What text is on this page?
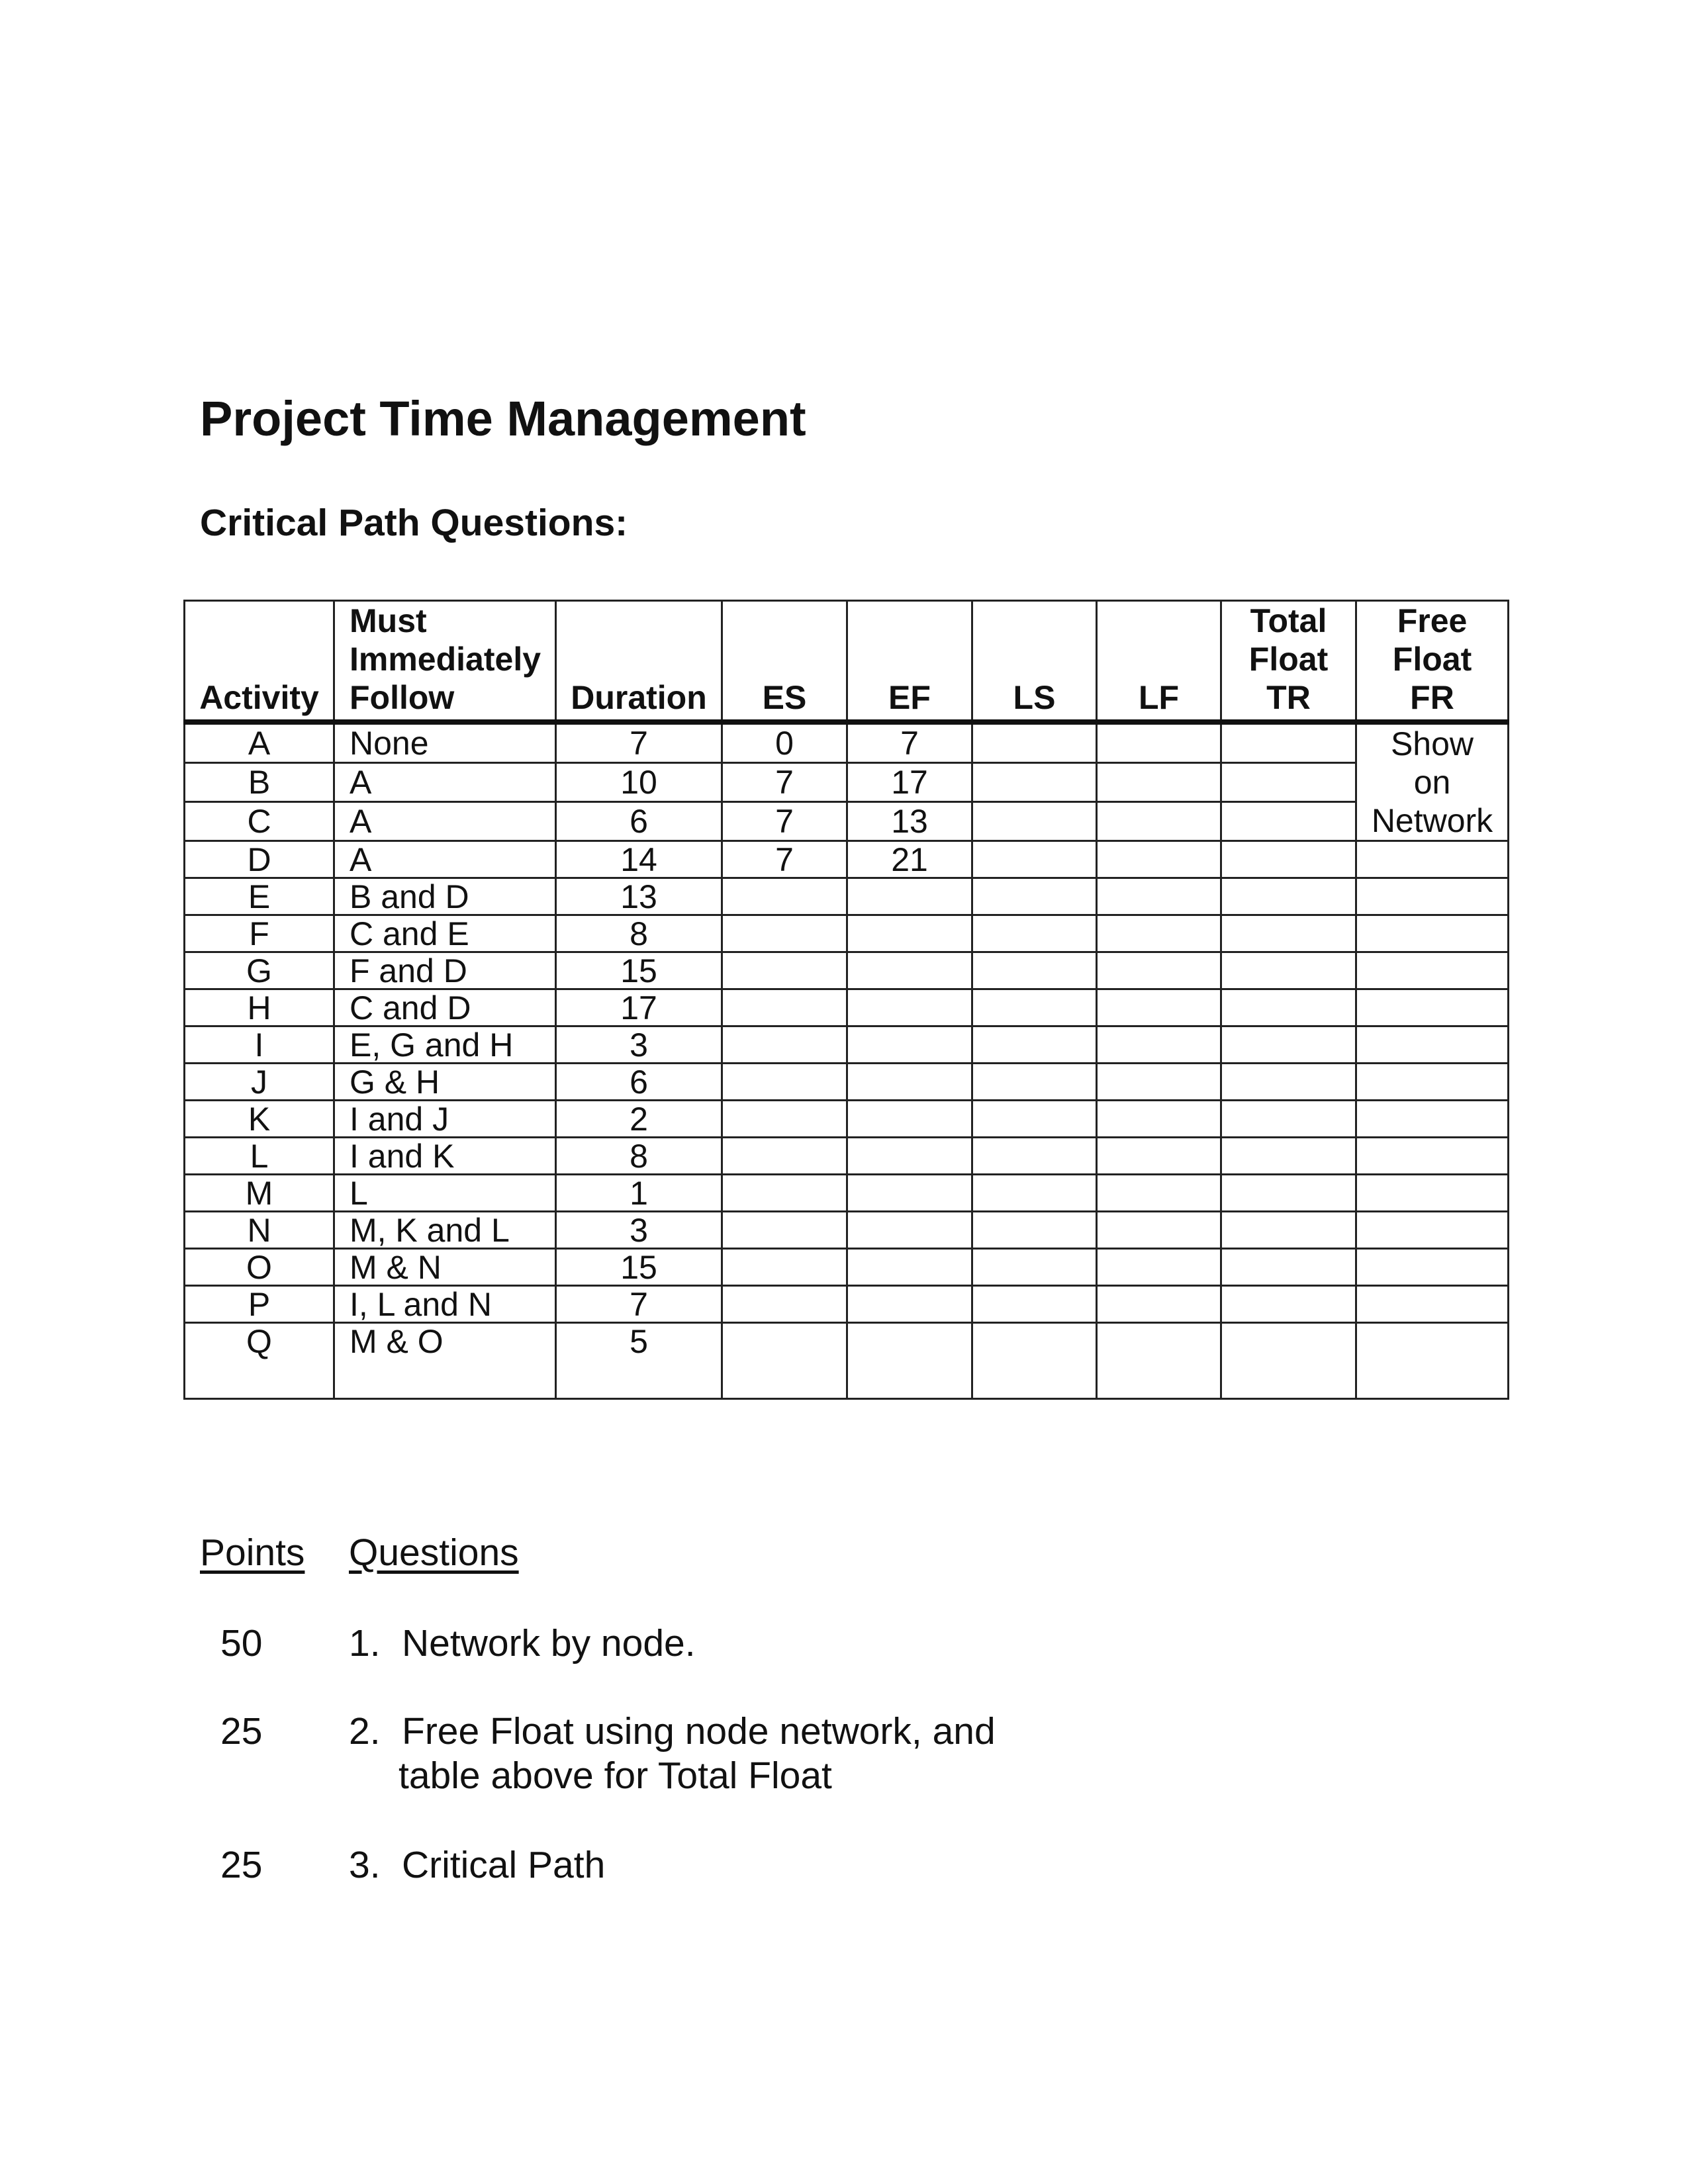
Project Time Management
Critical Path Questions:
Activity	Must
Immediately
Follow	Duration	ES	EF	LS	LF	Total
Float
TR	Free
Float
FR

A	None	7	0	7				Show
on
Network

B	A	10	7	17				
C	A	6	7	13				
D	A	14	7	21				
E	B and D	13						
F	C and E	8						
G	F and D	15						
H	C and D	17						
I	E, G and H	3						
J	G & H	6						
K	I and J	2						
L	I and K	8						
M	L	1						
N	M, K and L	3						
O	M & N	15						
P	I, L and N	7						
Q	M & O	5						
Points Questions
50 1. Network by node.
25 2. Free Float using node network, and
table above for Total Float
25 3. Critical Path
